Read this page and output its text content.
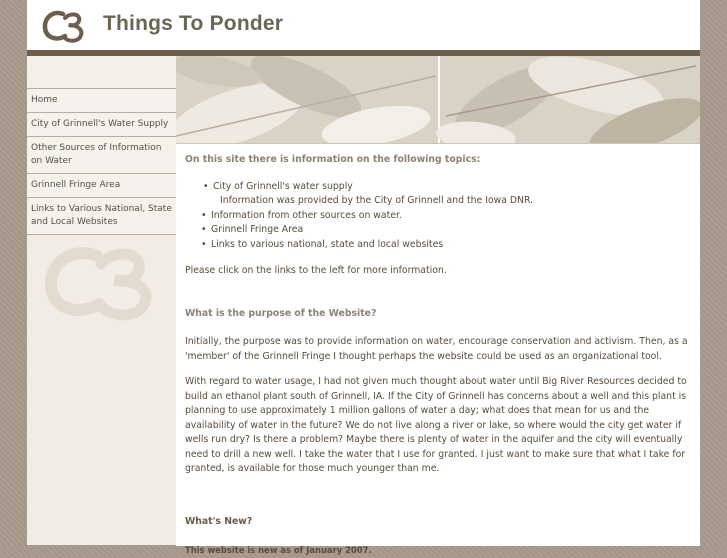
Things To Ponder
Home
City of Grinnell's Water Supply
Other Sources of Information on Water
Grinnell Fringe Area
Links to Various National, State and Local Websites
On this site there is information on the following topics:
• City of Grinnell's water supply
Information was provided by the City of Grinnell and the Iowa DNR.
• Information from other sources on water.
• Grinnell Fringe Area
• Links to various national, state and local websites
Please click on the links to the left for more information.
What is the purpose of the Website?
Initially, the purpose was to provide information on water, encourage conservation and activism. Then, as a 'member' of the Grinnell Fringe I thought perhaps the website could be used as an organizational tool.
With regard to water usage, I had not given much thought about water until Big River Resources decided to build an ethanol plant south of Grinnell, IA. If the City of Grinnell has concerns about a well and this plant is planning to use approximately 1 million gallons of water a day; what does that mean for us and the availability of water in the future? We do not live along a river or lake, so where would the city get water if wells run dry? Is there a problem? Maybe there is plenty of water in the aquifer and the city will eventually need to drill a new well. I take the water that I use for granted. I just want to make sure that what I take for granted, is available for those much younger than me.
What's New?
This website is new as of January 2007.
